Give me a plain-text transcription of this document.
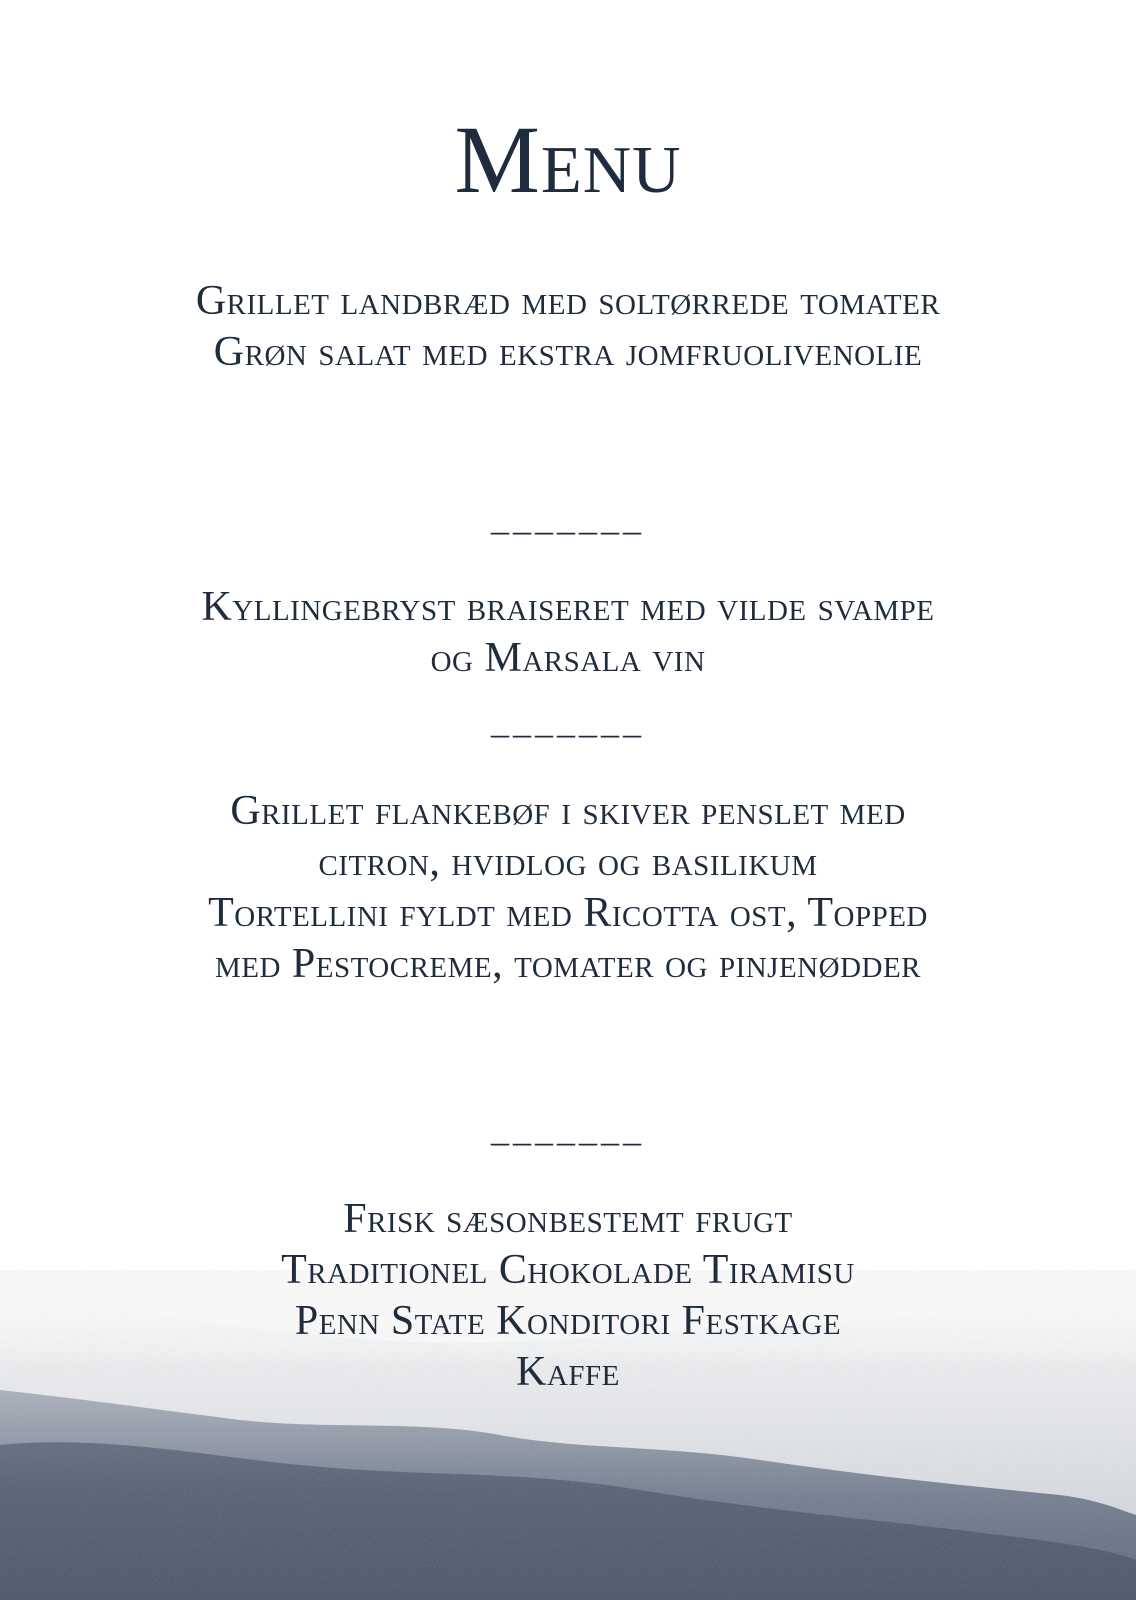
Menu

Grillet landbræd med soltørrede tomater

Grøn salat med ekstra jomfruolivenolie

_______

Kyllingebryst braiseret med vilde svampe og Marsala vin

_______

Grillet flankebøf i skiver penslet med citron, hvidlog og basilikum

Tortellini fyldt med Ricotta ost, Topped med Pestocreme, tomater og pinjenødder

_______

Frisk sæsonbestemt frugt

Traditionel Chokolade Tiramisu

Penn State Konditori Festkage

Kaffe
